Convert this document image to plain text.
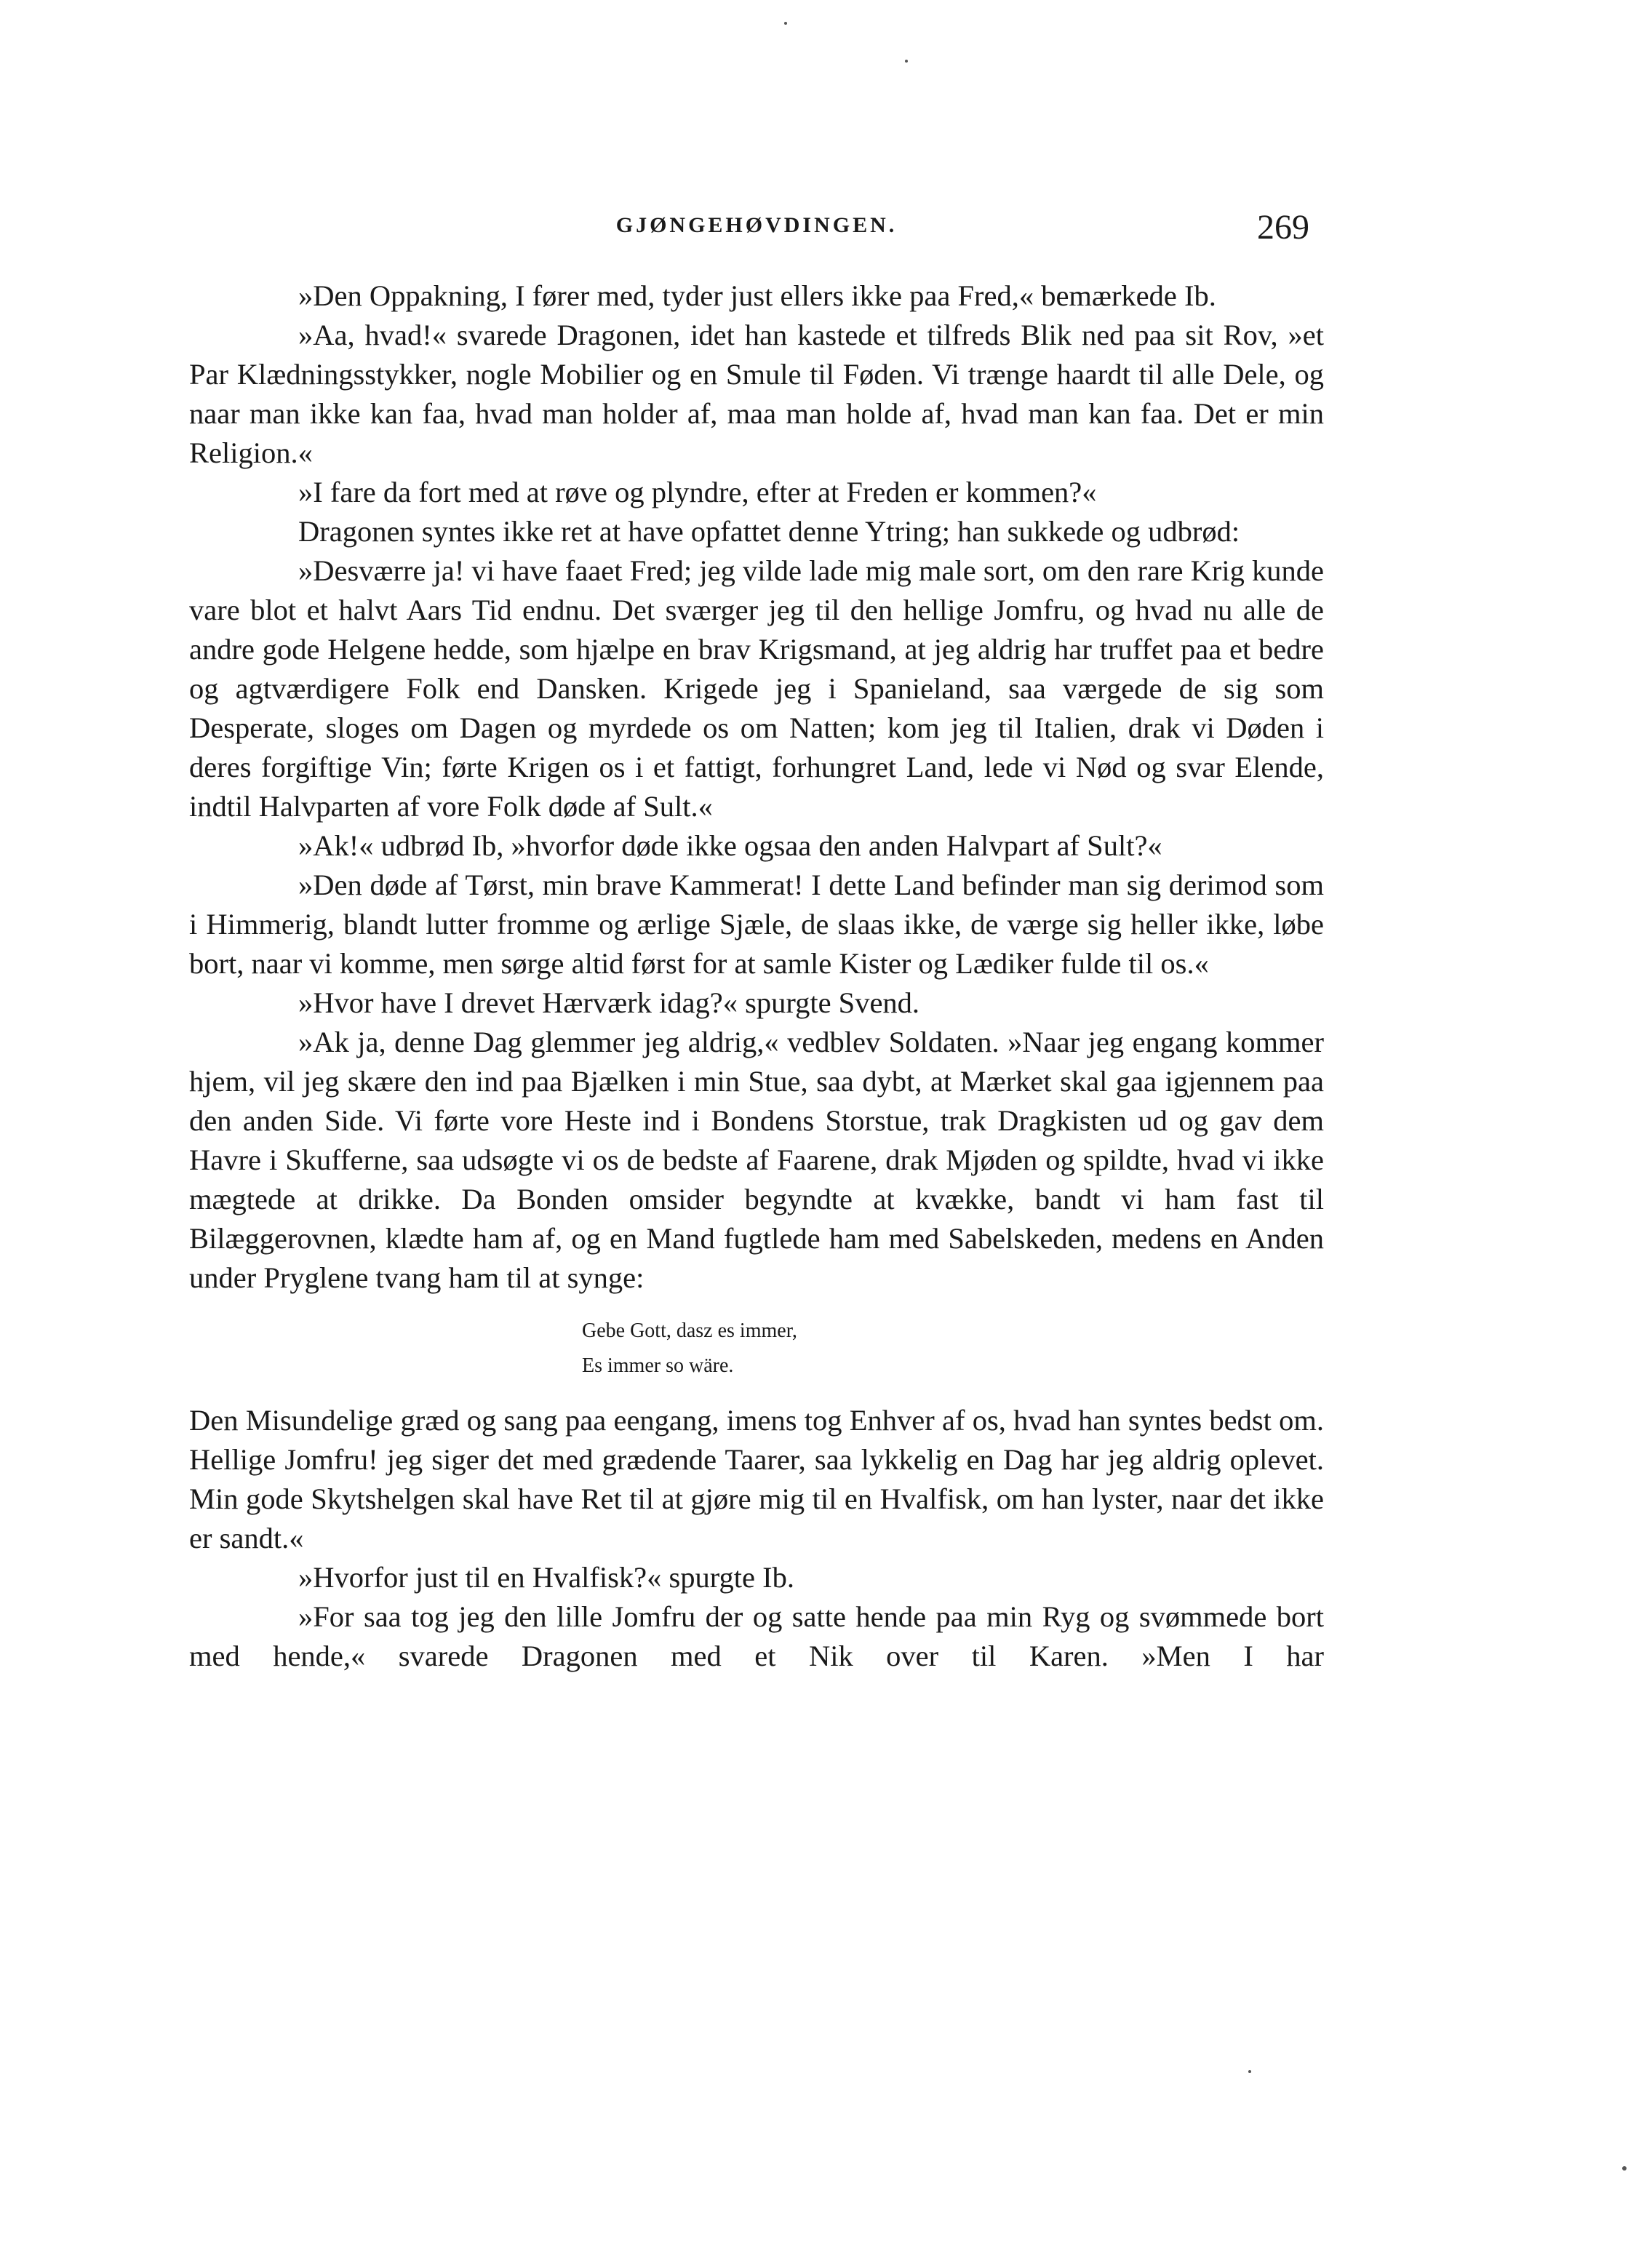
GJØNGEHØVDINGEN.	269

»Den Oppakning, I fører med, tyder just ellers ikke paa Fred,« bemærkede Ib.

»Aa, hvad!« svarede Dragonen, idet han kastede et tilfreds Blik ned paa sit Rov, »et Par Klædningsstykker, nogle Mobilier og en Smule til Føden. Vi trænge haardt til alle Dele, og naar man ikke kan faa, hvad man holder af, maa man holde af, hvad man kan faa. Det er min Religion.«

»I fare da fort med at røve og plyndre, efter at Freden er kommen?«

Dragonen syntes ikke ret at have opfattet denne Ytring; han sukkede og udbrød:

»Desværre ja! vi have faaet Fred; jeg vilde lade mig male sort, om den rare Krig kunde vare blot et halvt Aars Tid endnu. Det sværger jeg til den hellige Jomfru, og hvad nu alle de andre gode Helgene hedde, som hjælpe en brav Krigsmand, at jeg aldrig har truffet paa et bedre og agtværdigere Folk end Dansken. Krigede jeg i Spanieland, saa værgede de sig som Desperate, sloges om Dagen og myrdede os om Natten; kom jeg til Italien, drak vi Døden i deres forgiftige Vin; førte Krigen os i et fattigt, forhungret Land, lede vi Nød og svar Elende, indtil Halvparten af vore Folk døde af Sult.«

»Ak!« udbrød Ib, »hvorfor døde ikke ogsaa den anden Halvpart af Sult?«

»Den døde af Tørst, min brave Kammerat! I dette Land befinder man sig derimod som i Himmerig, blandt lutter fromme og ærlige Sjæle, de slaas ikke, de værge sig heller ikke, løbe bort, naar vi komme, men sørge altid først for at samle Kister og Lædiker fulde til os.«

»Hvor have I drevet Hærværk idag?« spurgte Svend.

»Ak ja, denne Dag glemmer jeg aldrig,« vedblev Soldaten. »Naar jeg engang kommer hjem, vil jeg skære den ind paa Bjælken i min Stue, saa dybt, at Mærket skal gaa igjennem paa den anden Side. Vi førte vore Heste ind i Bondens Storstue, trak Dragkisten ud og gav dem Havre i Skufferne, saa udsøgte vi os de bedste af Faarene, drak Mjøden og spildte, hvad vi ikke mægtede at drikke. Da Bonden omsider begyndte at kvække, bandt vi ham fast til Bilæggerovnen, klædte ham af, og en Mand fugtlede ham med Sabelskeden, medens en Anden under Pryglene tvang ham til at synge:

Gebe Gott, dasz es immer,
Es immer so wäre.

Den Misundelige græd og sang paa eengang, imens tog Enhver af os, hvad han syntes bedst om. Hellige Jomfru! jeg siger det med grædende Taarer, saa lykkelig en Dag har jeg aldrig oplevet. Min gode Skytshelgen skal have Ret til at gjøre mig til en Hvalfisk, om han lyster, naar det ikke er sandt.«

»Hvorfor just til en Hvalfisk?« spurgte Ib.

»For saa tog jeg den lille Jomfru der og satte hende paa min Ryg og svømmede bort med hende,« svarede Dragonen med et Nik over til Karen. »Men I har
